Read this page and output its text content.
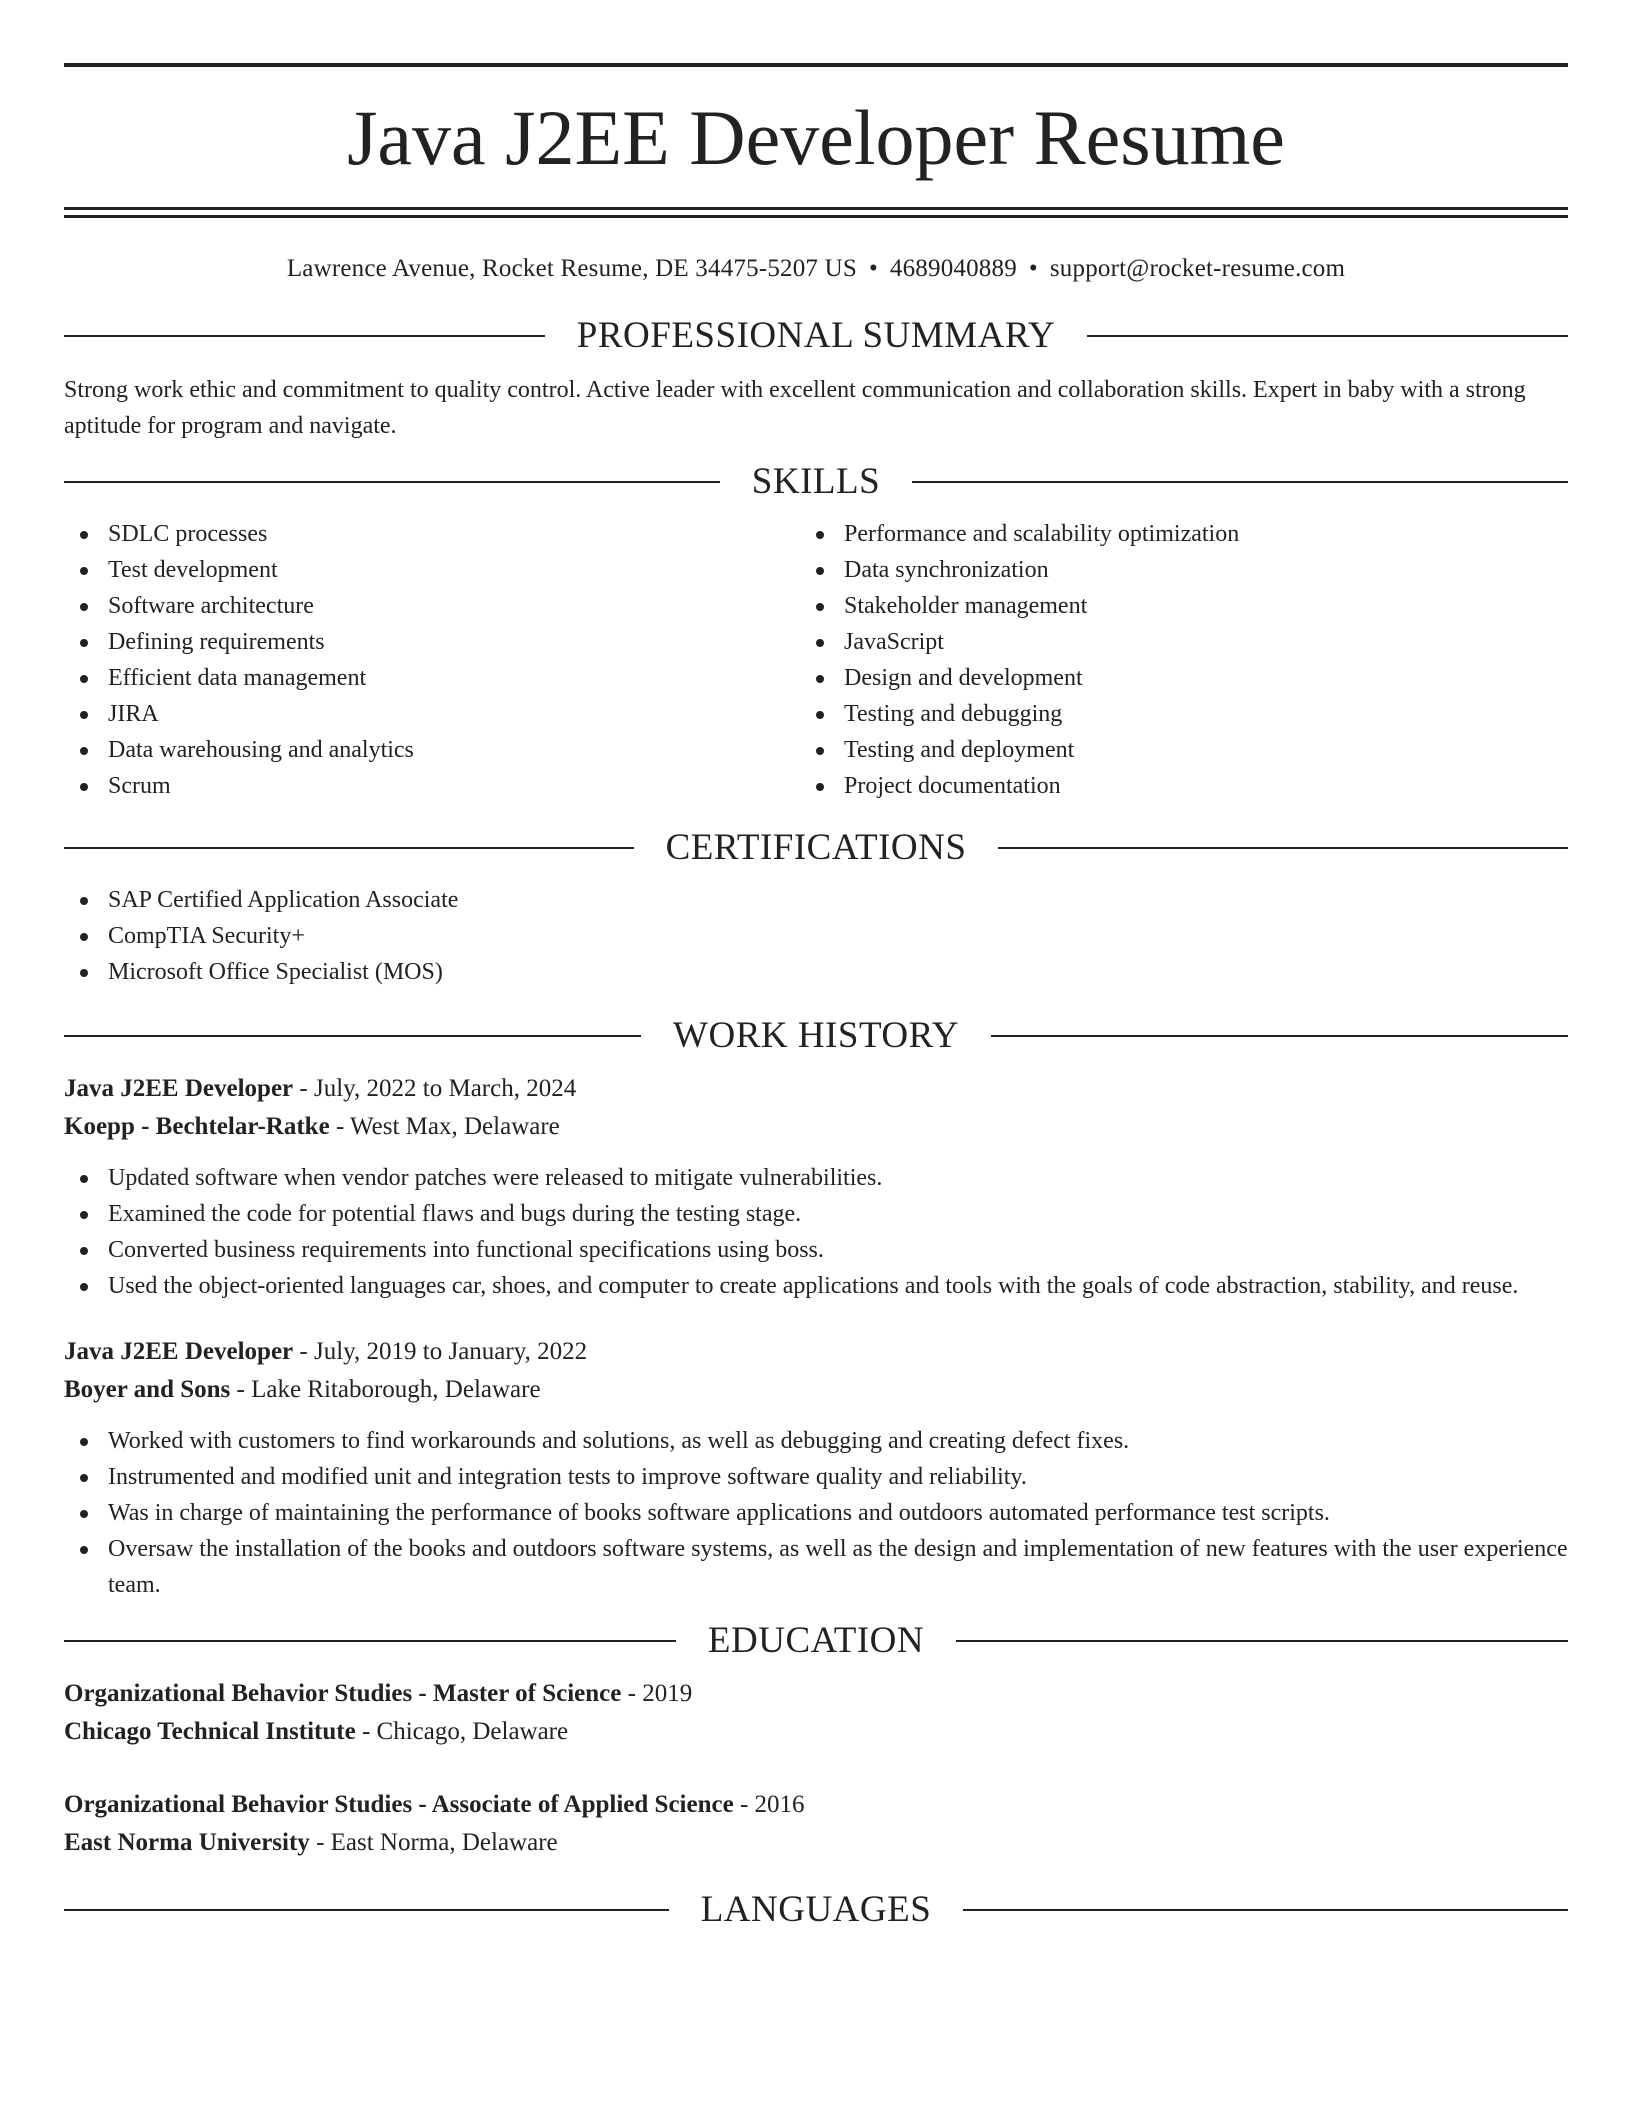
Java J2EE Developer Resume
Lawrence Avenue, Rocket Resume, DE 34475-5207 US • 4689040889 • support@rocket-resume.com
PROFESSIONAL SUMMARY

Strong work ethic and commitment to quality control. Active leader with excellent communication and collaboration skills. Expert in baby with a strong aptitude for program and navigate.

SKILLS
SDLC processes
Test development
Software architecture
Defining requirements
Efficient data management
JIRA
Data warehousing and analytics
Scrum
Performance and scalability optimization
Data synchronization
Stakeholder management
JavaScript
Design and development
Testing and debugging
Testing and deployment
Project documentation
CERTIFICATIONS
SAP Certified Application Associate
CompTIA Security+
Microsoft Office Specialist (MOS)
WORK HISTORY
Java J2EE Developer - July, 2022 to March, 2024
Koepp - Bechtelar-Ratke - West Max, Delaware
Updated software when vendor patches were released to mitigate vulnerabilities.
Examined the code for potential flaws and bugs during the testing stage.
Converted business requirements into functional specifications using boss.
Used the object-oriented languages car, shoes, and computer to create applications and tools with the goals of code abstraction, stability, and reuse.
Java J2EE Developer - July, 2019 to January, 2022
Boyer and Sons - Lake Ritaborough, Delaware
Worked with customers to find workarounds and solutions, as well as debugging and creating defect fixes.
Instrumented and modified unit and integration tests to improve software quality and reliability.
Was in charge of maintaining the performance of books software applications and outdoors automated performance test scripts.
Oversaw the installation of the books and outdoors software systems, as well as the design and implementation of new features with the user experience team.
EDUCATION
Organizational Behavior Studies - Master of Science - 2019
Chicago Technical Institute - Chicago, Delaware
Organizational Behavior Studies - Associate of Applied Science - 2016
East Norma University - East Norma, Delaware
LANGUAGES
